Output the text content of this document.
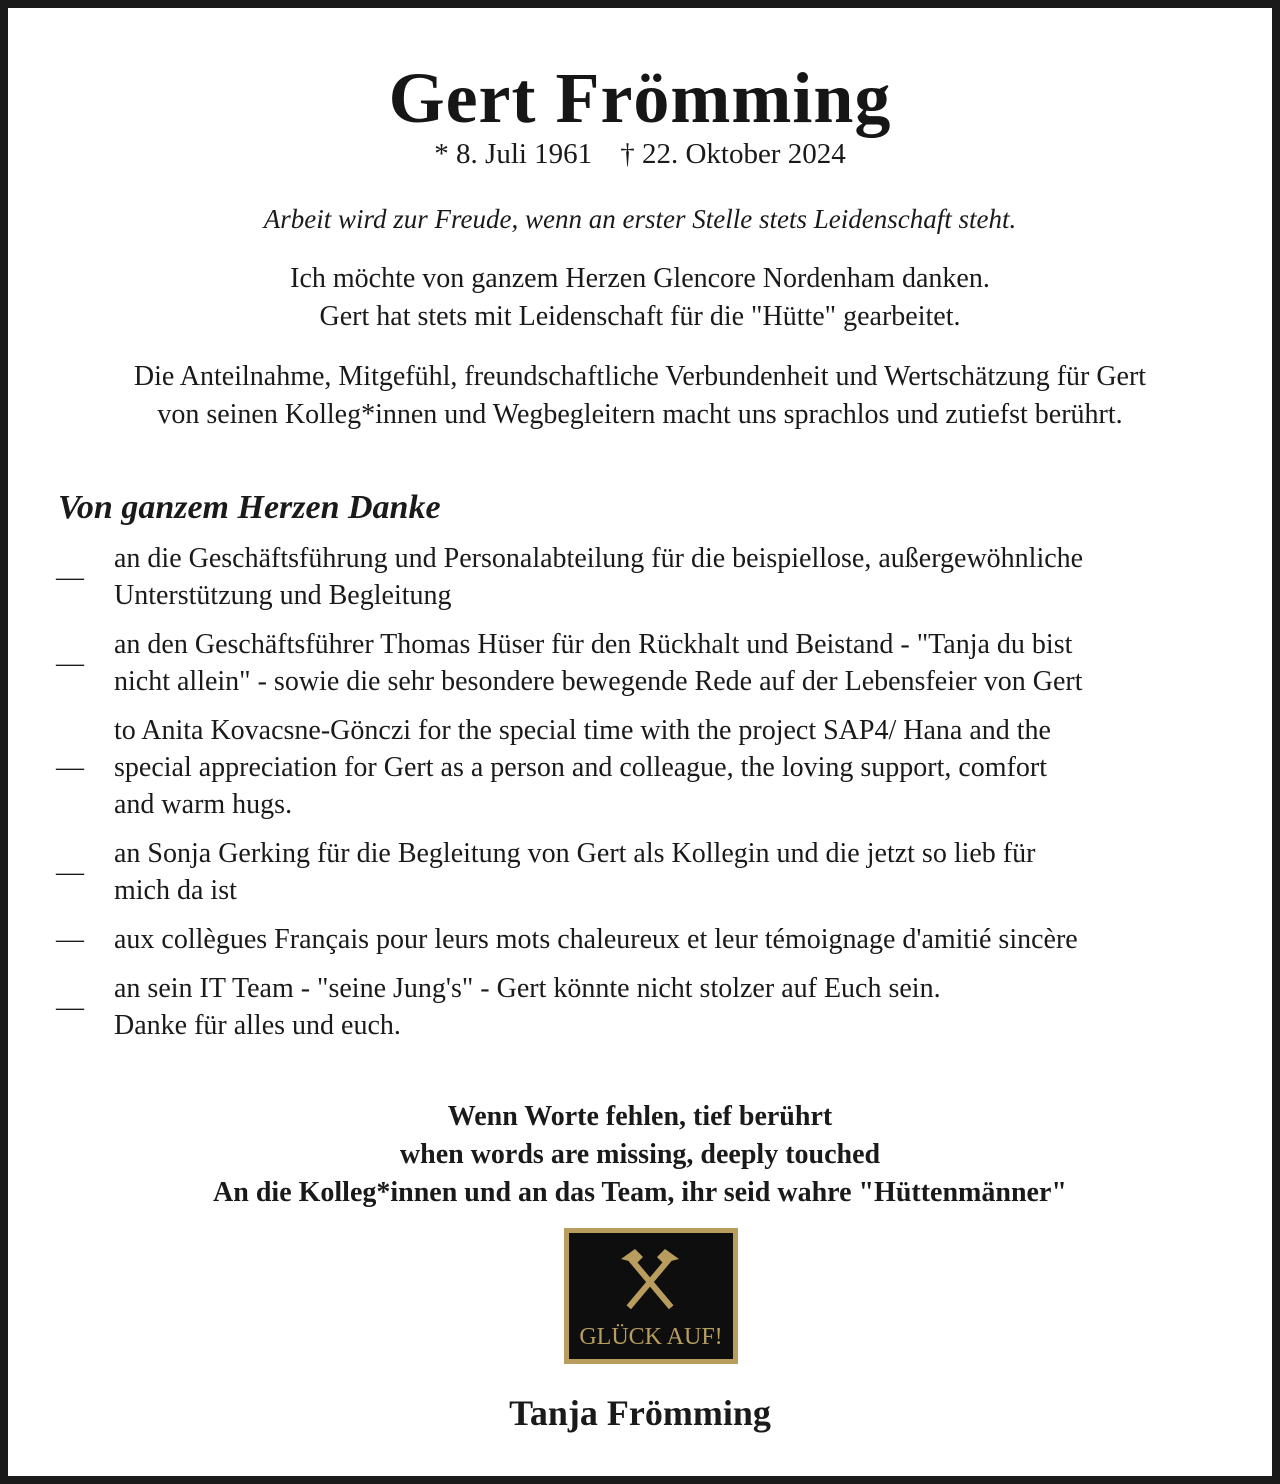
Gert Frömming
* 8. Juli 1961 † 22. Oktober 2024
Arbeit wird zur Freude, wenn an erster Stelle stets Leidenschaft steht.
Ich möchte von ganzem Herzen Glencore Nordenham danken.
Gert hat stets mit Leidenschaft für die "Hütte" gearbeitet.
Die Anteilnahme, Mitgefühl, freundschaftliche Verbundenheit und Wertschätzung für Gert
von seinen Kolleg*innen und Wegbegleitern macht uns sprachlos und zutiefst berührt.
Von ganzem Herzen Danke
—
an die Geschäftsführung und Personalabteilung für die beispiellose, außergewöhnliche
Unterstützung und Begleitung
—
an den Geschäftsführer Thomas Hüser für den Rückhalt und Beistand - "Tanja du bist
nicht allein" - sowie die sehr besondere bewegende Rede auf der Lebensfeier von Gert
—
to Anita Kovacsne-Gönczi for the special time with the project SAP4/ Hana and the
special appreciation for Gert as a person and colleague, the loving support, comfort
and warm hugs.
—
an Sonja Gerking für die Begleitung von Gert als Kollegin und die jetzt so lieb für
mich da ist
—	aux collègues Français pour leurs mots chaleureux et leur témoignage d'amitié sincère
—
an sein IT Team - "seine Jung's" - Gert könnte nicht stolzer auf Euch sein.
Danke für alles und euch.
Wenn Worte fehlen, tief berührt
when words are missing, deeply touched
An die Kolleg*innen und an das Team, ihr seid wahre "Hüttenmänner"
GLÜCK AUF!
Tanja Frömming
